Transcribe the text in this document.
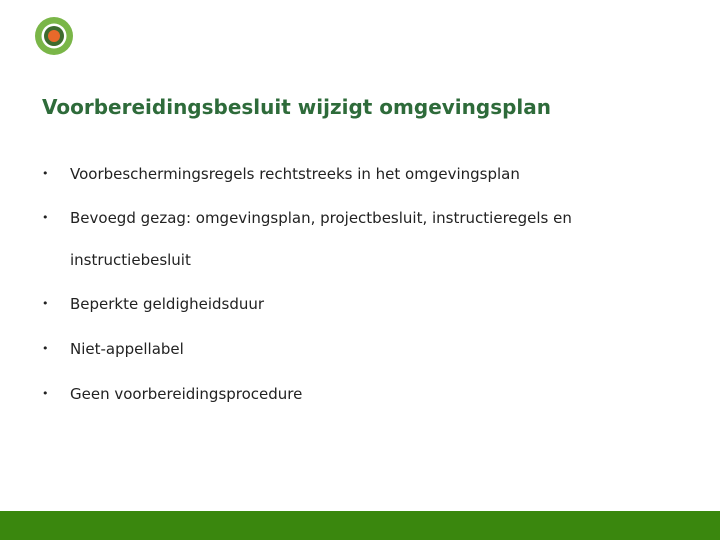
Voorbereidingsbesluit wijzigt omgevingsplan
• Voorbeschermingsregels rechtstreeks in het omgevingsplan
• Bevoegd gezag: omgevingsplan, projectbesluit, instructieregels en
instructiebesluit
• Beperkte geldigheidsduur
• Niet-appellabel
• Geen voorbereidingsprocedure
